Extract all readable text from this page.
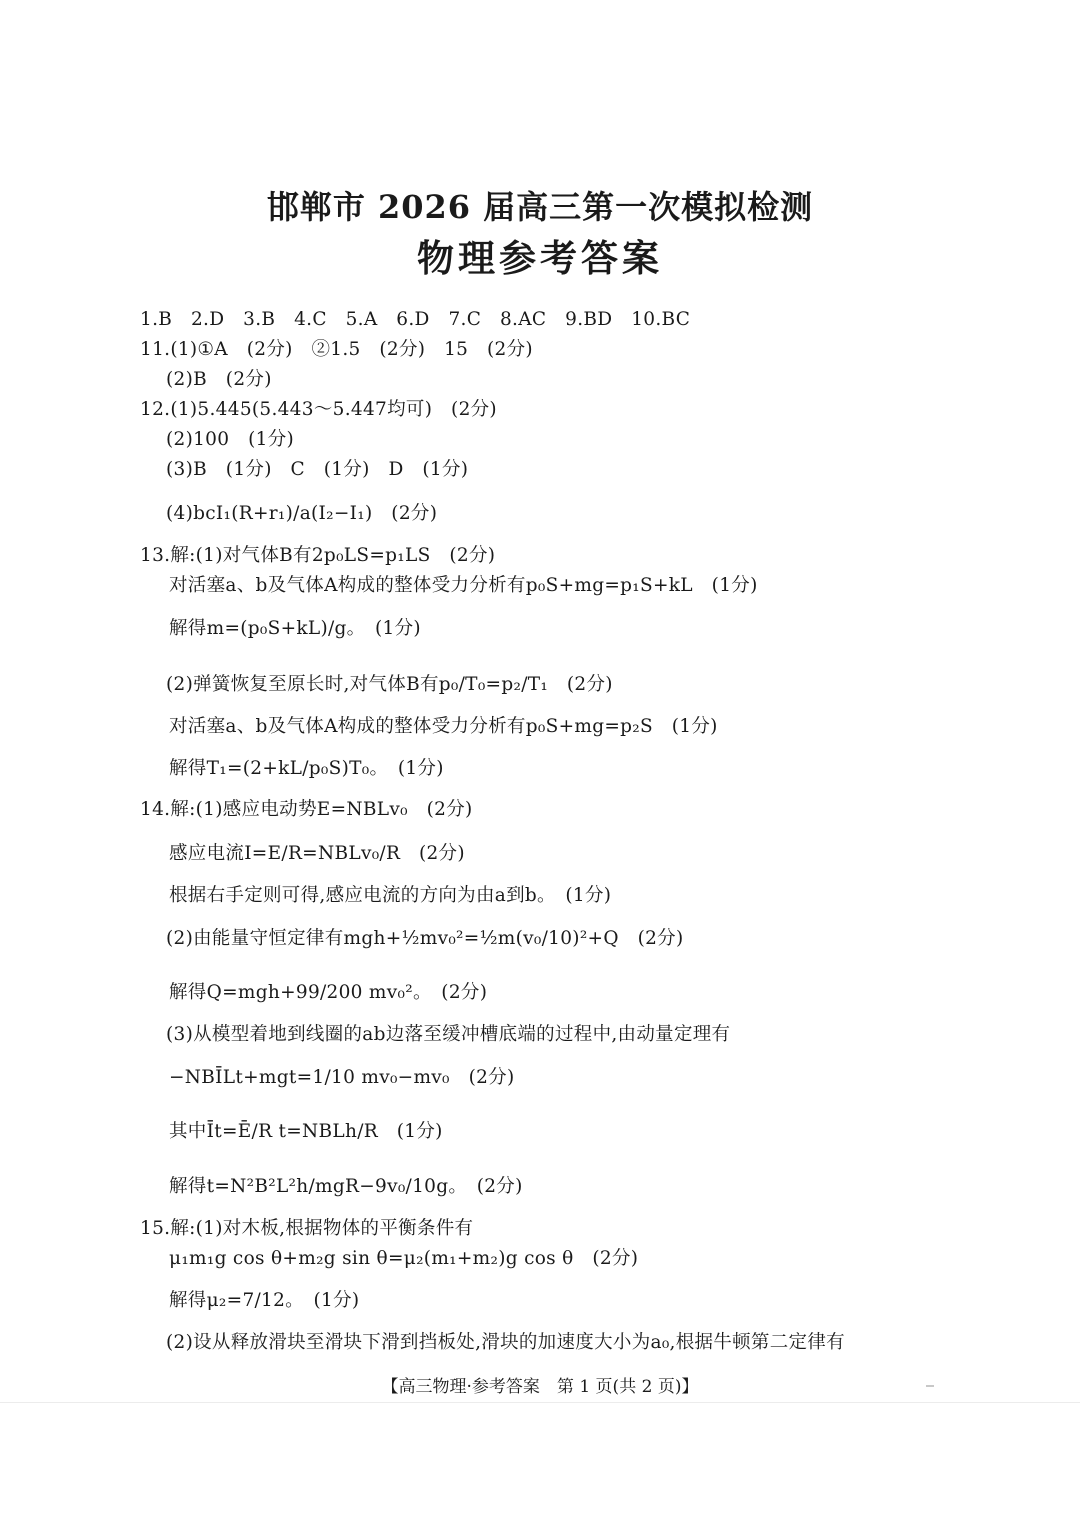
邯郸市 2026 届高三第一次模拟检测
物理参考答案
1.B　2.D　3.B　4.C　5.A　6.D　7.C　8.AC　9.BD　10.BC
11.(1)①A　(2分)　②1.5　(2分)　15　(2分)
(2)B　(2分)
12.(1)5.445(5.443～5.447均可)　(2分)
(2)100　(1分)
(3)B　(1分)　C　(1分)　D　(1分)
(4)bcI₁(R+r₁)/a(I₂−I₁)　(2分)
13.解:(1)对气体B有2p₀LS=p₁LS　(2分)
对活塞a、b及气体A构成的整体受力分析有p₀S+mg=p₁S+kL　(1分)
解得m=(p₀S+kL)/g。　(1分)
(2)弹簧恢复至原长时,对气体B有p₀/T₀=p₂/T₁　(2分)
对活塞a、b及气体A构成的整体受力分析有p₀S+mg=p₂S　(1分)
解得T₁=(2+kL/p₀S)T₀。　(1分)
14.解:(1)感应电动势E=NBLv₀　(2分)
感应电流I=E/R=NBLv₀/R　(2分)
根据右手定则可得,感应电流的方向为由a到b。　(1分)
(2)由能量守恒定律有mgh+½mv₀²=½m(v₀/10)²+Q　(2分)
解得Q=mgh+99/200 mv₀²。　(2分)
(3)从模型着地到线圈的ab边落至缓冲槽底端的过程中,由动量定理有
−NBĪLt+mgt=1/10 mv₀−mv₀　(2分)
其中Īt=Ē/R t=NBLh/R　(1分)
解得t=N²B²L²h/mgR−9v₀/10g。　(2分)
15.解:(1)对木板,根据物体的平衡条件有
μ₁m₁g cos θ+m₂g sin θ=μ₂(m₁+m₂)g cos θ　(2分)
解得μ₂=7/12。　(1分)
(2)设从释放滑块至滑块下滑到挡板处,滑块的加速度大小为a₀,根据牛顿第二定律有
【高三物理·参考答案　第 1 页(共 2 页)】
